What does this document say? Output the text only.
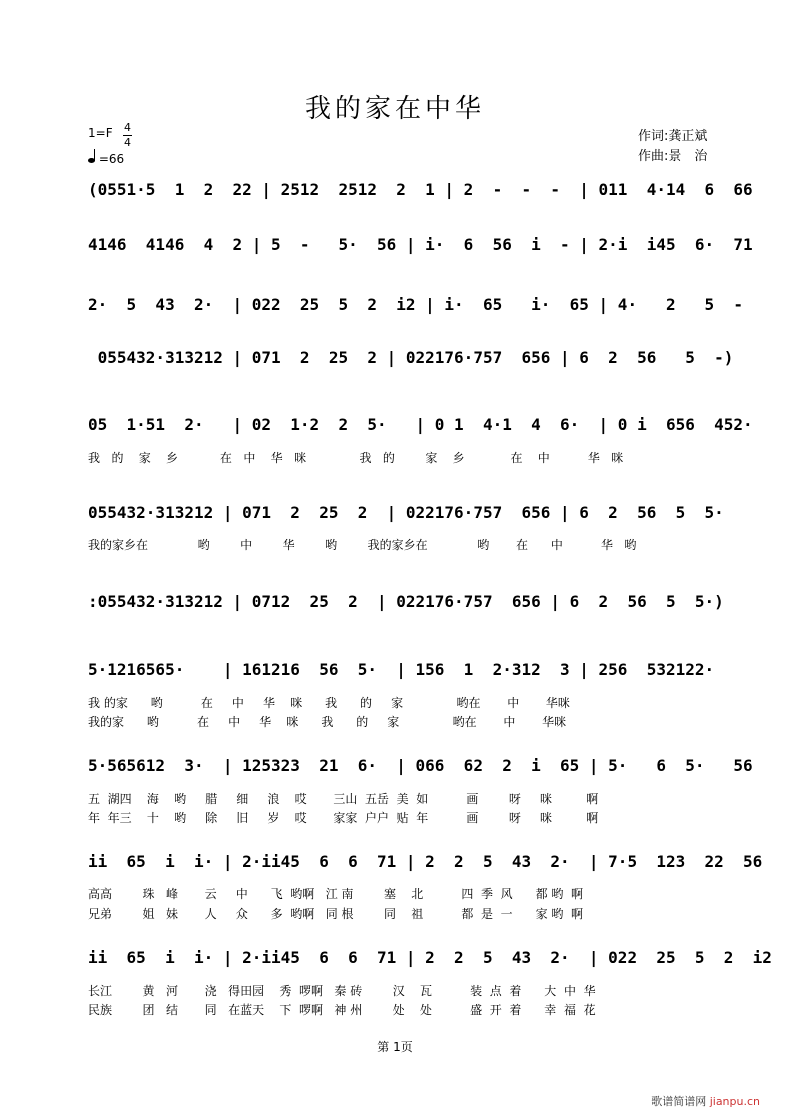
我的家在中华
1=F 4
4
=66
作词:龚正斌
作曲:景　治
(0551·5  1  2  22 | 2512  2512  2  1 | 2  -  -  -  | 011  4·14  6  66
4146  4146  4  2 | 5  -   5·  56 | i·  6  56  i  - | 2·i  i45  6·  71
2·  5  43  2·  | 022  25  5  2  i2 | i·  65   i·  65 | 4·   2   5  -
055432·313212 | 071  2  25  2 | 022176·757  656 | 6  2  56   5  -)
05  1·51  2·   | 02  1·2  2  5·   | 0 1  4·1  4  6·  | 0 i  656  452·
我   的    家    乡           在   中    华   咪              我   的        家    乡            在    中          华   咪
055432·313212 | 071  2  25  2  | 022176·757  656 | 6  2  56  5  5·
我的家乡在             哟        中        华        哟        我的家乡在             哟       在      中          华   哟
:055432·313212 | 0712  25  2  | 022176·757  656 | 6  2  56  5  5·)
5·1216565·    | 161216  56  5·  | 156  1  2·312  3 | 256  532122·
我 的家      哟          在     中     华    咪      我      的     家              哟在       中       华咪
我的家      哟          在     中     华    咪      我      的     家              哟在       中       华咪
5·565612  3·  | 125323  21  6·  | 066  62  2  i  65 | 5·   6  5·   56
五  湖四    海    哟     腊     细     浪    哎       三山  五岳  美  如          画        呀     咪         啊
年  年三    十    哟     除     旧     岁    哎       家家  户户  贴  年          画        呀     咪         啊
ii  65  i  i· | 2·ii45  6  6  71 | 2  2  5  43  2·  | 7·5  123  22  56
高高        珠   峰       云     中      飞  哟啊   江 南        塞    北          四  季  风      都 哟  啊
兄弟        姐   妹       人     众      多  哟啊   同 根        同    祖          都  是  一      家 哟  啊
ii  65  i  i· | 2·ii45  6  6  71 | 2  2  5  43  2·  | 022  25  5  2  i2
长江        黄   河       浇   得田园    秀  啰啊   秦 砖        汉    瓦          装  点  着      大  中  华
民族        团   结       同   在蓝天    下  啰啊   神 州        处    处          盛  开  着      幸  福  花
第 1页
歌谱简谱网 jianpu.cn
